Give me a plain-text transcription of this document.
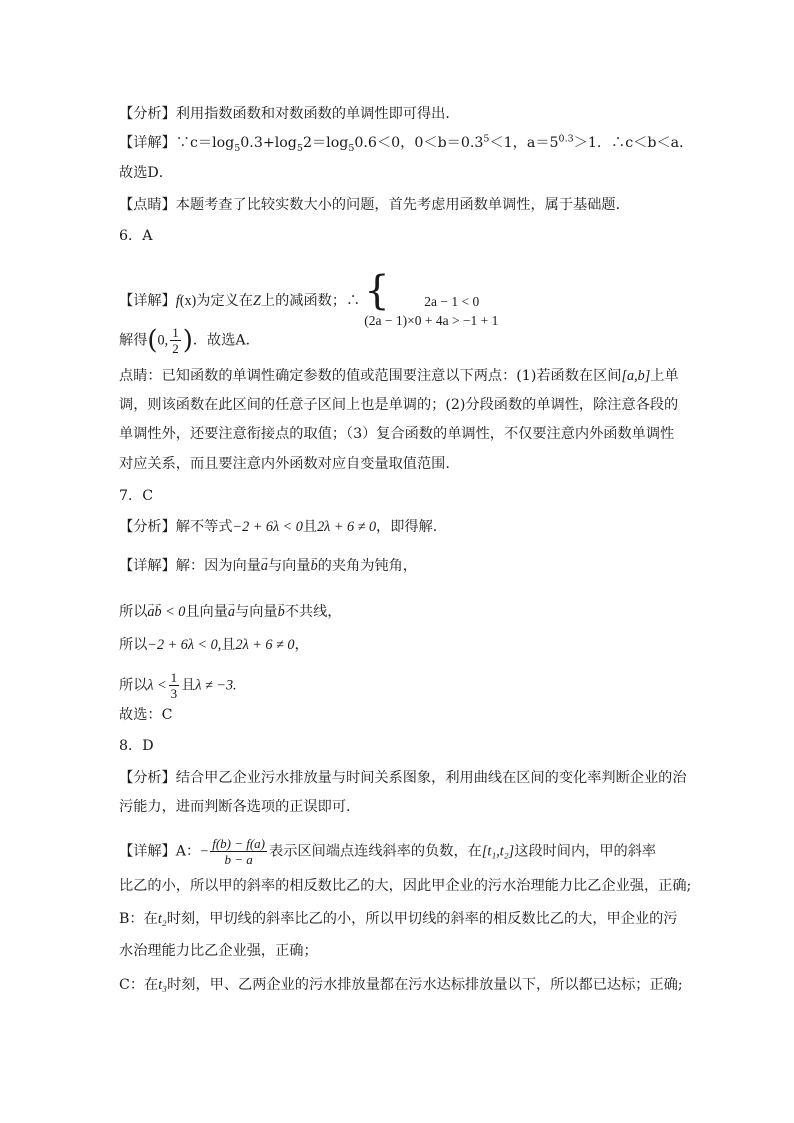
【分析】利用指数函数和对数函数的单调性即可得出．
【详解】$\because c=\log_50.3+\log_52=\log_50.6<0$，$0<b=0.3^5<1$，$a=5^{0.3}>1$．∴c＜b＜a．
故选D．
【点睛】本题考查了比较实数大小的问题，首先考虑用函数单调性，属于基础题．
6．A
【详解】f(x)为定义在Z上的减函数；∴ {	2a − 1 < 0
(2a − 1)×0 + 4a > −1 + 1
解得(0, $\frac{1}{2}$ )．故选A．
点睛：已知函数的单调性确定参数的值或范围要注意以下两点：(1)若函数在区间[a,b]上单
调，则该函数在此区间的任意子区间上也是单调的；(2)分段函数的单调性，除注意各段的
单调性外，还要注意衔接点的取值；（3）复合函数的单调性，不仅要注意内外函数单调性
对应关系，而且要注意内外函数对应自变量取值范围.
7．C
【分析】解不等式−2 + 6λ < 0且2λ + 6 ≠ 0，即得解.
【详解】解：因为向量→ a与向量→ b的夹角为钝角，
所以→ a→ b < 0且向量→ a与向量→ b不共线，
所以−2 + 6λ < 0,且2λ + 6 ≠ 0，
所以$\lambda < \frac{1}{3}$ 且λ ≠ −3.
故选：C
8．D
【分析】结合甲乙企业污水排放量与时间关系图象，利用曲线在区间的变化率判断企业的治
污能力，进而判断各选项的正误即可.
【详解】A：− $\frac{f(b) - f(a)}{b - a}$ 表示区间端点连线斜率的负数，在[t₁,t₂]这段时间内，甲的斜率
比乙的小，所以甲的斜率的相反数比乙的大，因此甲企业的污水治理能力比乙企业强，正确;
B：在t₂时刻，甲切线的斜率比乙的小，所以甲切线的斜率的相反数比乙的大，甲企业的污
水治理能力比乙企业强，正确；
C：在t₃时刻，甲、乙两企业的污水排放量都在污水达标排放量以下，所以都已达标；正确;
